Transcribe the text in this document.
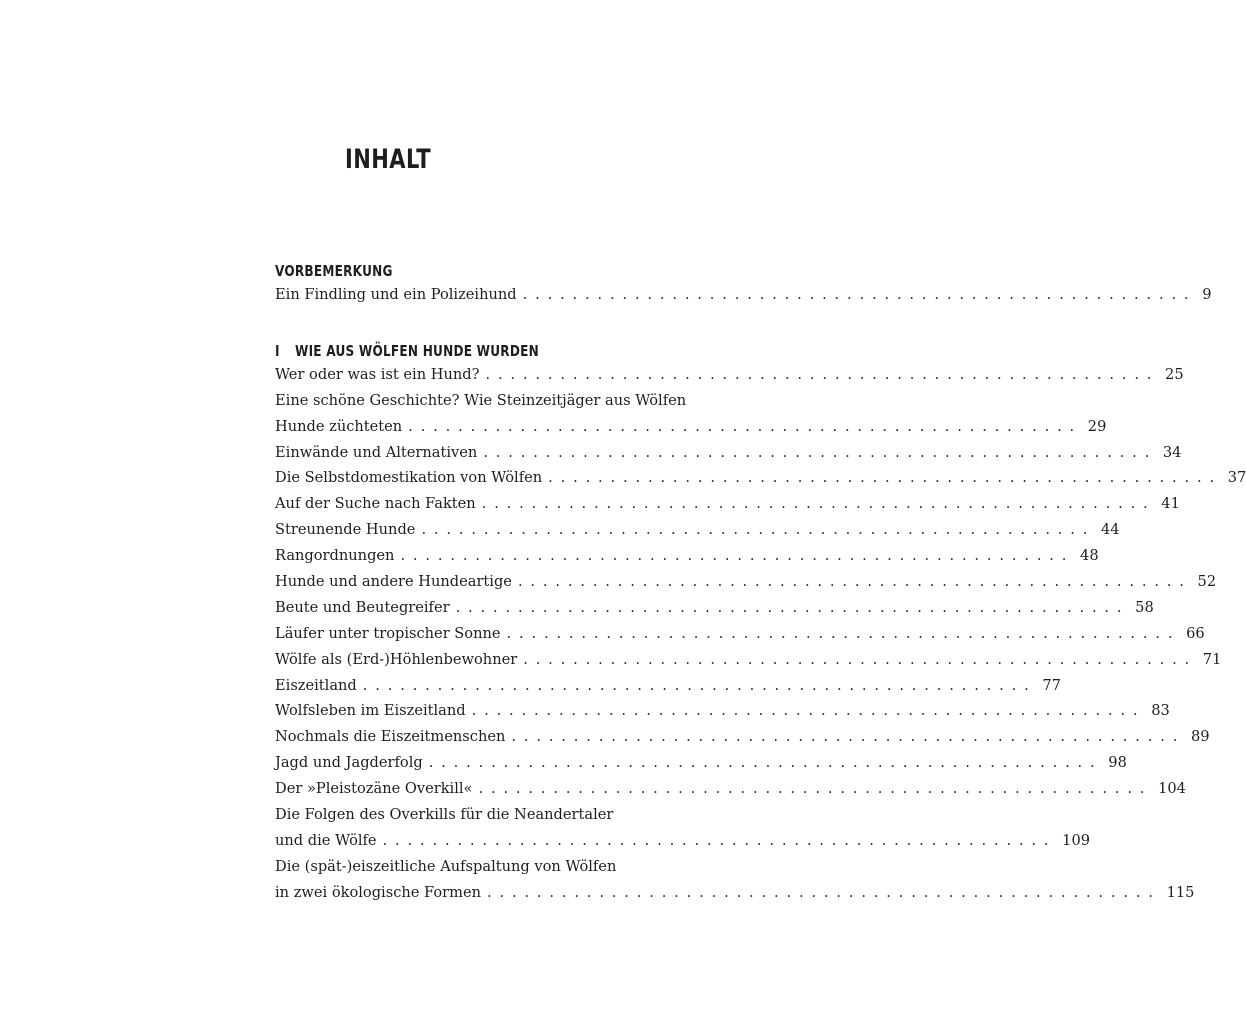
INHALT
VORBEMERKUNG
Ein Findling und ein Polizeihund . . . . . . . . . . . . . . . . . . . . . . . . . . . . . . . . . . . . . . . . . . . . . . . . . . . . . . 9
I WIE AUS WÖLFEN HUNDE WURDEN
Wer oder was ist ein Hund? . . . . . . . . . . . . . . . . . . . . . . . . . . . . . . . . . . . . . . . . . . . . . . . . . . . . . . 25
Eine schöne Geschichte? Wie Steinzeitjäger aus Wölfen
Hunde züchteten . . . . . . . . . . . . . . . . . . . . . . . . . . . . . . . . . . . . . . . . . . . . . . . . . . . . . . 29
Einwände und Alternativen . . . . . . . . . . . . . . . . . . . . . . . . . . . . . . . . . . . . . . . . . . . . . . . . . . . . . . 34
Die Selbstdomestikation von Wölfen . . . . . . . . . . . . . . . . . . . . . . . . . . . . . . . . . . . . . . . . . . . . . . . . . . . . . . 37
Auf der Suche nach Fakten . . . . . . . . . . . . . . . . . . . . . . . . . . . . . . . . . . . . . . . . . . . . . . . . . . . . . . 41
Streunende Hunde . . . . . . . . . . . . . . . . . . . . . . . . . . . . . . . . . . . . . . . . . . . . . . . . . . . . . . 44
Rangordnungen . . . . . . . . . . . . . . . . . . . . . . . . . . . . . . . . . . . . . . . . . . . . . . . . . . . . . . 48
Hunde und andere Hundeartige . . . . . . . . . . . . . . . . . . . . . . . . . . . . . . . . . . . . . . . . . . . . . . . . . . . . . . 52
Beute und Beutegreifer . . . . . . . . . . . . . . . . . . . . . . . . . . . . . . . . . . . . . . . . . . . . . . . . . . . . . . 58
Läufer unter tropischer Sonne . . . . . . . . . . . . . . . . . . . . . . . . . . . . . . . . . . . . . . . . . . . . . . . . . . . . . . 66
Wölfe als (Erd-)Höhlenbewohner . . . . . . . . . . . . . . . . . . . . . . . . . . . . . . . . . . . . . . . . . . . . . . . . . . . . . . 71
Eiszeitland . . . . . . . . . . . . . . . . . . . . . . . . . . . . . . . . . . . . . . . . . . . . . . . . . . . . . . 77
Wolfsleben im Eiszeitland . . . . . . . . . . . . . . . . . . . . . . . . . . . . . . . . . . . . . . . . . . . . . . . . . . . . . . 83
Nochmals die Eiszeitmenschen . . . . . . . . . . . . . . . . . . . . . . . . . . . . . . . . . . . . . . . . . . . . . . . . . . . . . . 89
Jagd und Jagderfolg . . . . . . . . . . . . . . . . . . . . . . . . . . . . . . . . . . . . . . . . . . . . . . . . . . . . . . 98
Der »Pleistozäne Overkill« . . . . . . . . . . . . . . . . . . . . . . . . . . . . . . . . . . . . . . . . . . . . . . . . . . . . . . 104
Die Folgen des Overkills für die Neandertaler
und die Wölfe . . . . . . . . . . . . . . . . . . . . . . . . . . . . . . . . . . . . . . . . . . . . . . . . . . . . . . 109
Die (spät-)eiszeitliche Aufspaltung von Wölfen
in zwei ökologische Formen . . . . . . . . . . . . . . . . . . . . . . . . . . . . . . . . . . . . . . . . . . . . . . . . . . . . . . 115
